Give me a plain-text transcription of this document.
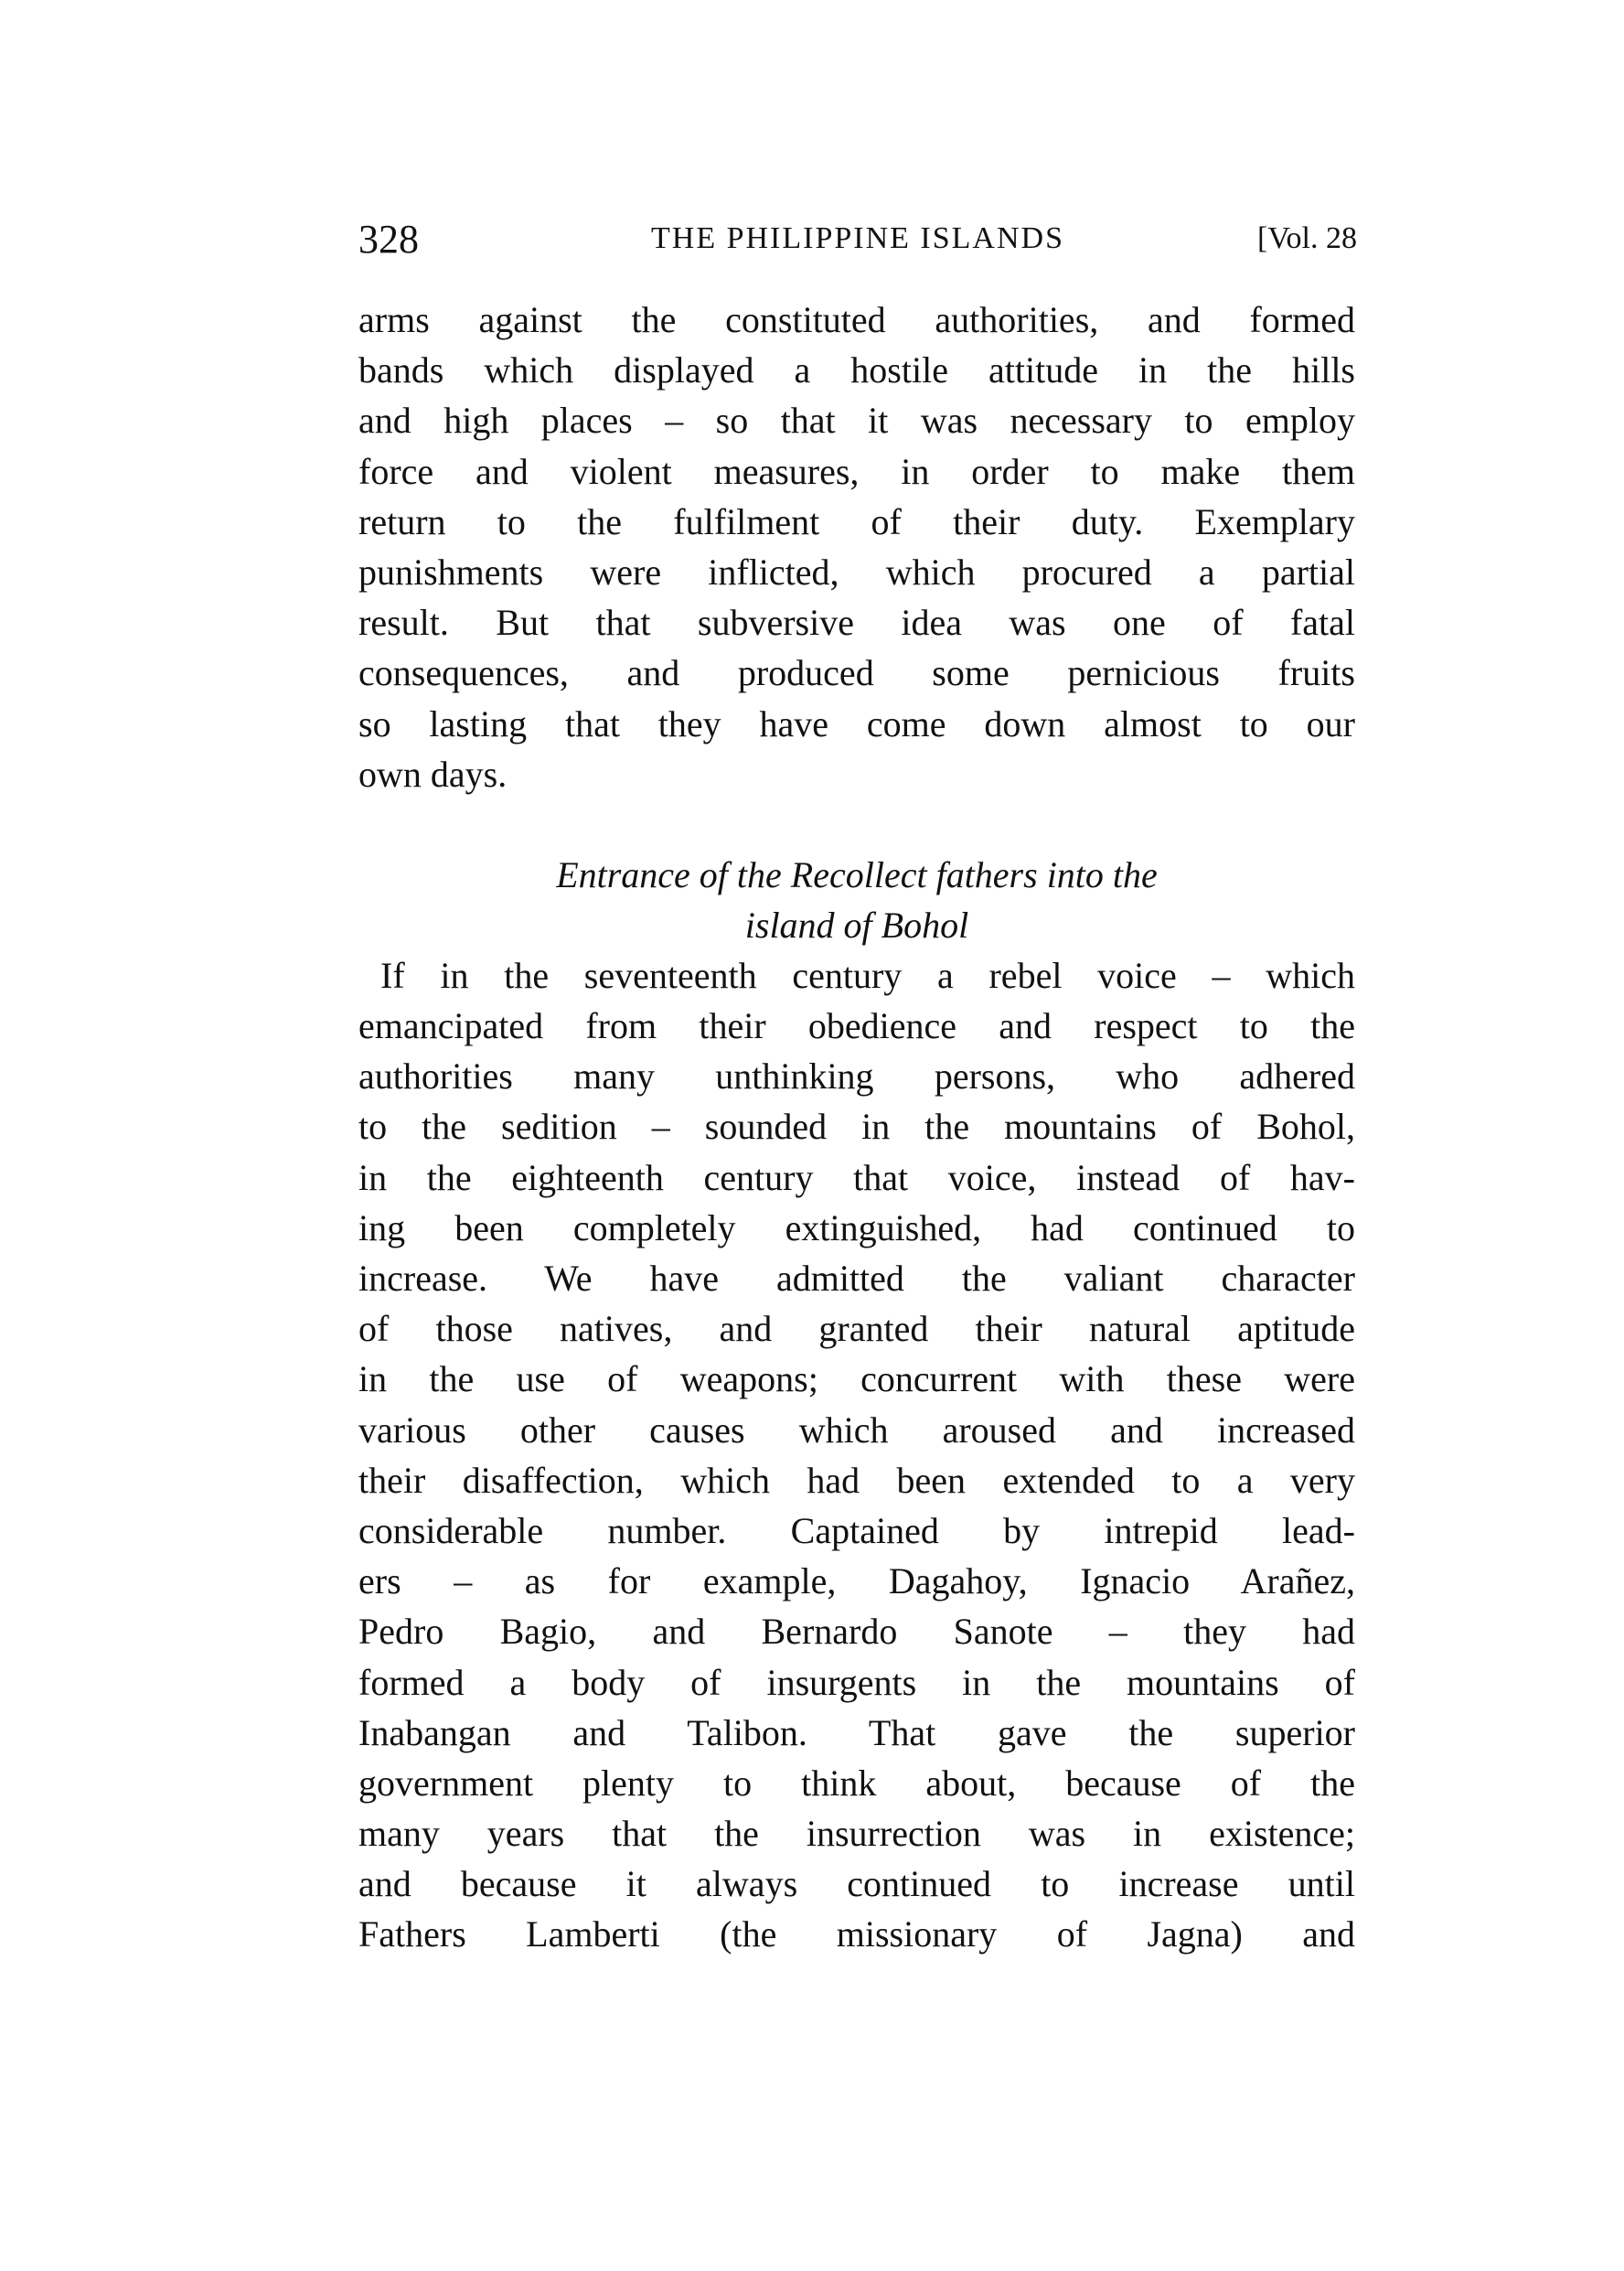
328	THE PHILIPPINE ISLANDS	[Vol. 28
arms against the constituted authorities, and formed
bands which displayed a hostile attitude in the hills
and high places – so that it was necessary to employ
force and violent measures, in order to make them
return to the fulfilment of their duty. Exemplary
punishments were inflicted, which procured a partial
result. But that subversive idea was one of fatal
consequences, and produced some pernicious fruits
so lasting that they have come down almost to our
own days.
Entrance of the Recollect fathers into the
island of Bohol
If in the seventeenth century a rebel voice – which
emancipated from their obedience and respect to the
authorities many unthinking persons, who adhered
to the sedition – sounded in the mountains of Bohol,
in the eighteenth century that voice, instead of hav-
ing been completely extinguished, had continued to
increase. We have admitted the valiant character
of those natives, and granted their natural aptitude
in the use of weapons; concurrent with these were
various other causes which aroused and increased
their disaffection, which had been extended to a very
considerable number. Captained by intrepid lead-
ers – as for example, Dagahoy, Ignacio Arañez,
Pedro Bagio, and Bernardo Sanote – they had
formed a body of insurgents in the mountains of
Inabangan and Talibon. That gave the superior
government plenty to think about, because of the
many years that the insurrection was in existence;
and because it always continued to increase until
Fathers Lamberti (the missionary of Jagna) and
